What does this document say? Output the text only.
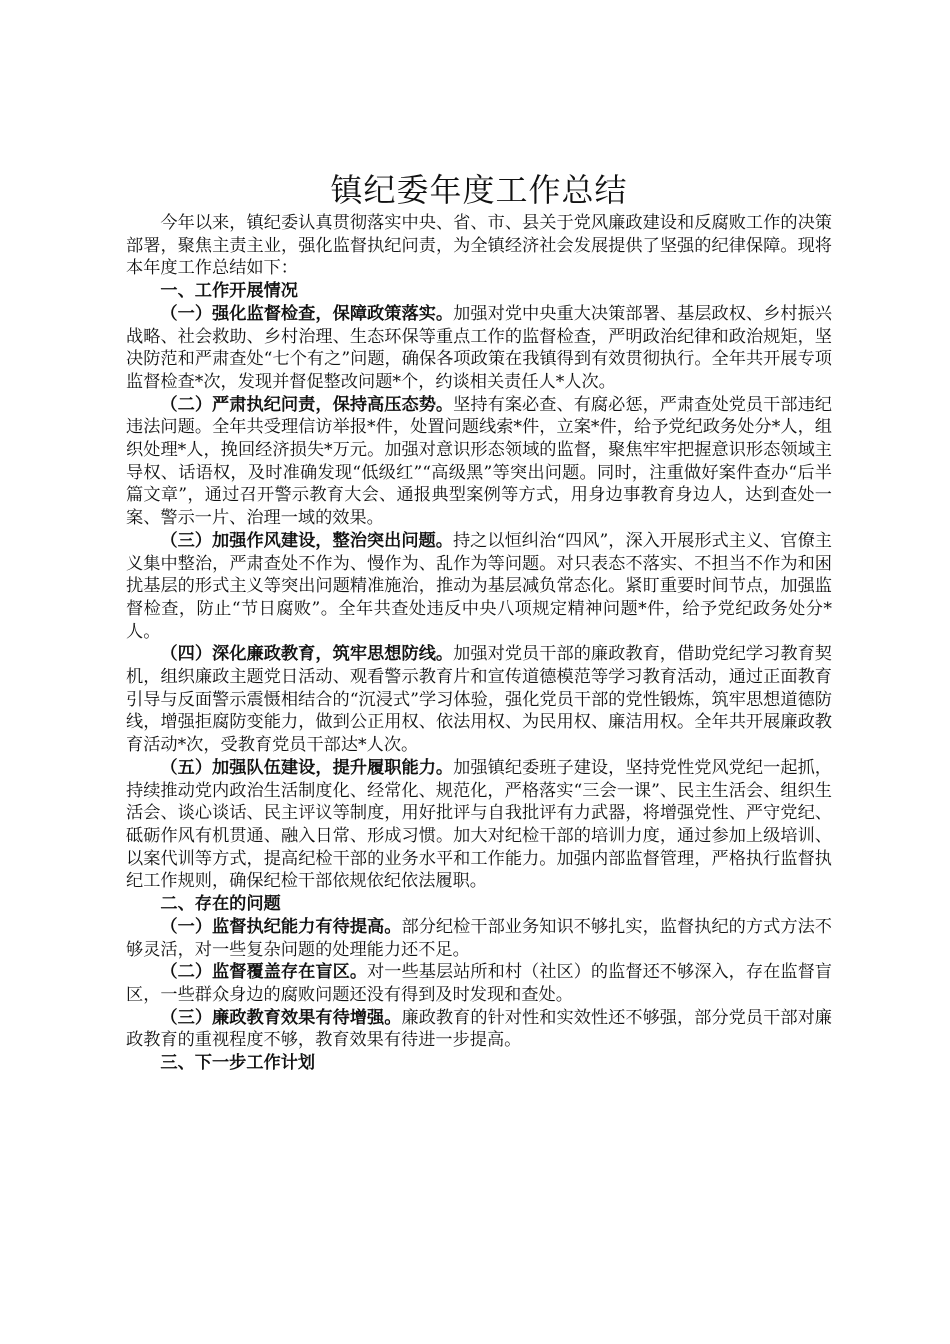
镇纪委年度工作总结

今年以来，镇纪委认真贯彻落实中央、省、市、县关于党风廉政建设和反腐败工作的决策部署，聚焦主责主业，强化监督执纪问责，为全镇经济社会发展提供了坚强的纪律保障。现将本年度工作总结如下：

一、工作开展情况

（一）强化监督检查，保障政策落实。加强对党中央重大决策部署、基层政权、乡村振兴战略、社会救助、乡村治理、生态环保等重点工作的监督检查，严明政治纪律和政治规矩，坚决防范和严肃查处“七个有之”问题，确保各项政策在我镇得到有效贯彻执行。全年共开展专项监督检查*次，发现并督促整改问题*个，约谈相关责任人*人次。

（二）严肃执纪问责，保持高压态势。坚持有案必查、有腐必惩，严肃查处党员干部违纪违法问题。全年共受理信访举报*件，处置问题线索*件，立案*件，给予党纪政务处分*人，组织处理*人，挽回经济损失*万元。加强对意识形态领域的监督，聚焦牢牢把握意识形态领域主导权、话语权，及时准确发现“低级红”“高级黑”等突出问题。同时，注重做好案件查办“后半篇文章”，通过召开警示教育大会、通报典型案例等方式，用身边事教育身边人，达到查处一案、警示一片、治理一域的效果。

（三）加强作风建设，整治突出问题。持之以恒纠治“四风”，深入开展形式主义、官僚主义集中整治，严肃查处不作为、慢作为、乱作为等问题。对只表态不落实、不担当不作为和困扰基层的形式主义等突出问题精准施治，推动为基层减负常态化。紧盯重要时间节点，加强监督检查，防止“节日腐败”。全年共查处违反中央八项规定精神问题*件，给予党纪政务处分*人。

（四）深化廉政教育，筑牢思想防线。加强对党员干部的廉政教育，借助党纪学习教育契机，组织廉政主题党日活动、观看警示教育片和宣传道德模范等学习教育活动，通过正面教育引导与反面警示震慑相结合的“沉浸式”学习体验，强化党员干部的党性锻炼，筑牢思想道德防线，增强拒腐防变能力，做到公正用权、依法用权、为民用权、廉洁用权。全年共开展廉政教育活动*次，受教育党员干部达*人次。

（五）加强队伍建设，提升履职能力。加强镇纪委班子建设，坚持党性党风党纪一起抓，持续推动党内政治生活制度化、经常化、规范化，严格落实“三会一课”、民主生活会、组织生活会、谈心谈话、民主评议等制度，用好批评与自我批评有力武器，将增强党性、严守党纪、砥砺作风有机贯通、融入日常、形成习惯。加大对纪检干部的培训力度，通过参加上级培训、以案代训等方式，提高纪检干部的业务水平和工作能力。加强内部监督管理，严格执行监督执纪工作规则，确保纪检干部依规依纪依法履职。

二、存在的问题

（一）监督执纪能力有待提高。部分纪检干部业务知识不够扎实，监督执纪的方式方法不够灵活，对一些复杂问题的处理能力还不足。

（二）监督覆盖存在盲区。对一些基层站所和村（社区）的监督还不够深入，存在监督盲区，一些群众身边的腐败问题还没有得到及时发现和查处。

（三）廉政教育效果有待增强。廉政教育的针对性和实效性还不够强，部分党员干部对廉政教育的重视程度不够，教育效果有待进一步提高。

三、下一步工作计划
